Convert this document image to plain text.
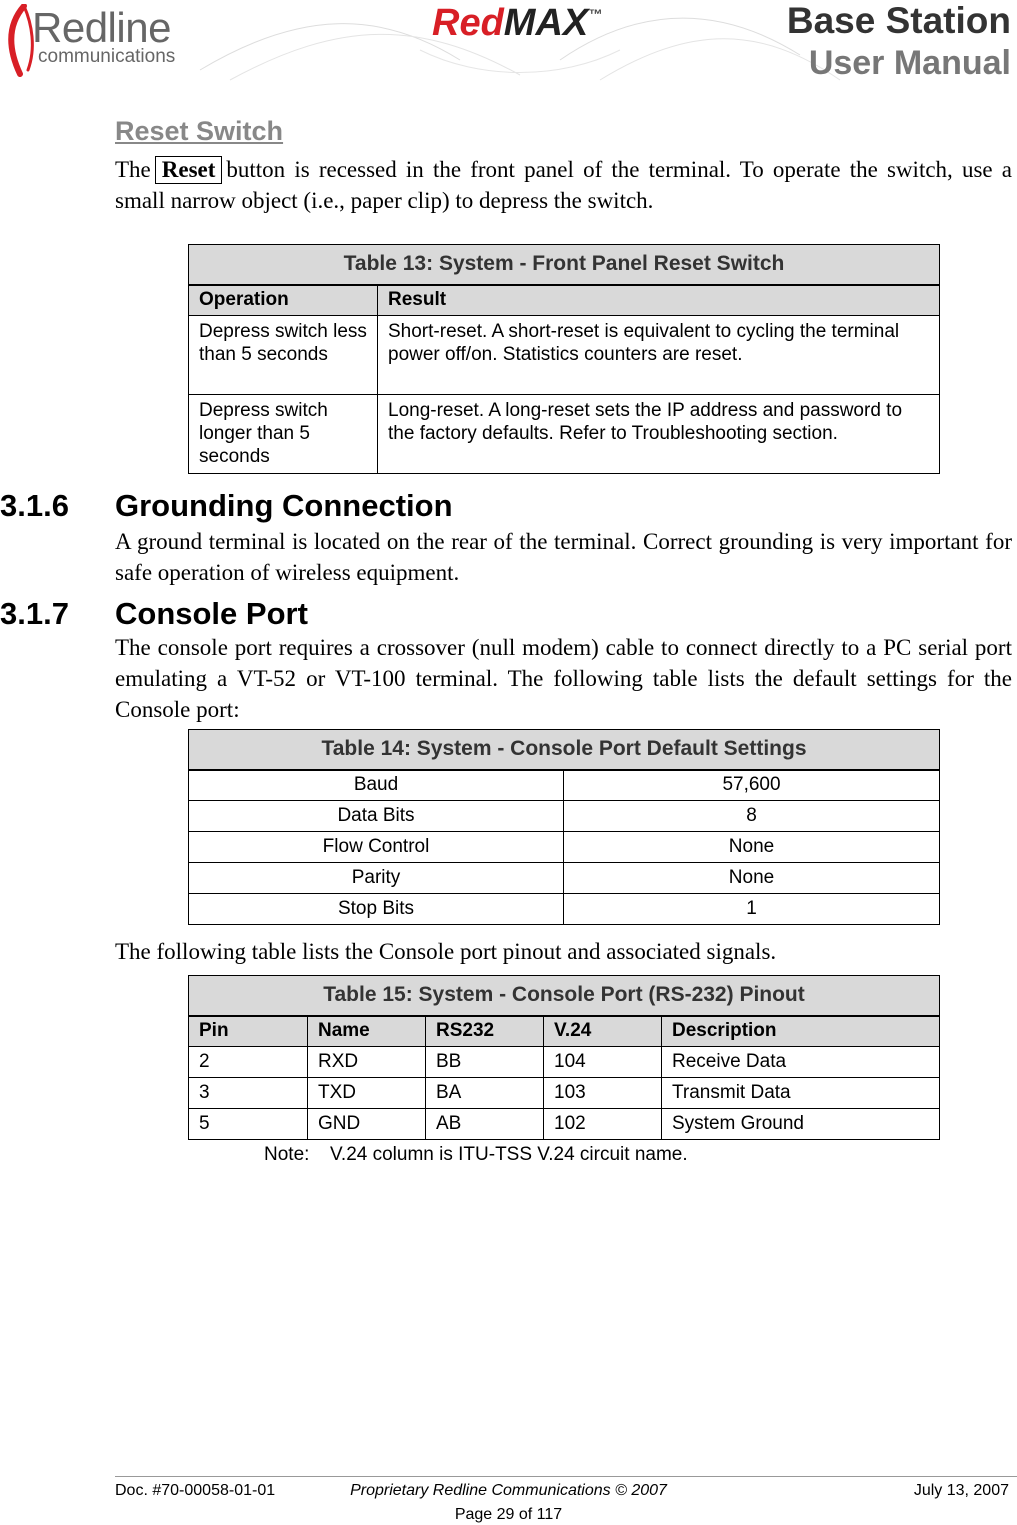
Redline
communications
RedMAX™	Base Station
User Manual
Reset Switch
The Reset button is recessed in the front panel of the terminal. To operate the switch, use a small narrow object (i.e., paper clip) to depress the switch.
Table 13: System - Front Panel Reset Switch	
Operation	Result
Depress switch less than 5 seconds	Short-reset. A short-reset is equivalent to cycling the terminal power off/on. Statistics counters are reset.
Depress switch longer than 5 seconds	Long-reset. A long-reset sets the IP address and password to the factory defaults. Refer to Troubleshooting section.
3.1.6	Grounding Connection
A ground terminal is located on the rear of the terminal. Correct grounding is very important for safe operation of wireless equipment.
3.1.7	Console Port
The console port requires a crossover (null modem) cable to connect directly to a PC serial port emulating a VT-52 or VT-100 terminal. The following table lists the default settings for the Console port:
Table 14: System - Console Port Default Settings	
Baud	57,600
Data Bits	8
Flow Control	None
Parity	None
Stop Bits	1
The following table lists the Console port pinout and associated signals.
Table 15: System - Console Port (RS-232) Pinout				
Pin	Name	RS232	V.24	Description
2	RXD	BB	104	Receive Data
3	TXD	BA	103	Transmit Data
5	GND	AB	102	System Ground
Note: V.24 column is ITU-TSS V.24 circuit name.
Doc. #70-00058-01-01	Proprietary Redline Communications © 2007	July 13, 2007
Page 29 of 117
